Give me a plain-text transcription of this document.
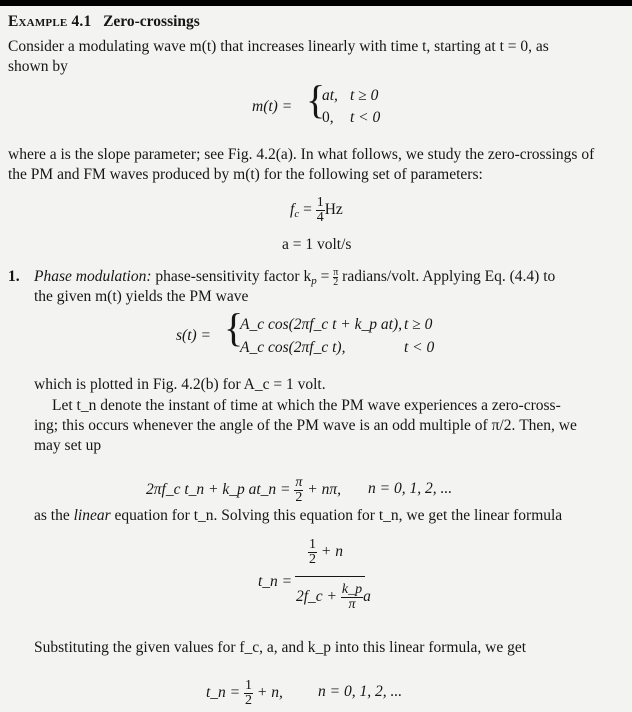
Example 4.1 Zero-crossings
Consider a modulating wave m(t) that increases linearly with time t, starting at t = 0, as
shown by
m(t) = {
at, t ≥ 0
0, t < 0
where a is the slope parameter; see Fig. 4.2(a). In what follows, we study the zero-crossings of
the PM and FM waves produced by m(t) for the following set of parameters:
$f_c = \frac{1}{4}$ Hz
a = 1 volt/s
1. Phase modulation: phase-sensitivity factor $k_p = \frac{\pi}{2}$ radians/volt. Applying Eq. (4.4) to
the given m(t) yields the PM wave
s(t) = {
A_c cos(2πf_c t + k_p at), t ≥ 0
A_c cos(2πf_c t),	t < 0
which is plotted in Fig. 4.2(b) for A_c = 1 volt.
Let t_n denote the instant of time at which the PM wave experiences a zero-cross-
ing; this occurs whenever the angle of the PM wave is an odd multiple of π/2. Then, we
may set up
2πf_c t_n + k_p at_n = $\frac{\pi}{2} + n\pi$, n = 0, 1, 2, ...
as the linear equation for t_n. Solving this equation for t_n, we get the linear formula
t_n =
$\frac{1}{2} + n$
2f_c + $\frac{k\_p}{\pi}$ a
Substituting the given values for f_c, a, and k_p into this linear formula, we get
t_n = $\frac{1}{2} + n$, n = 0, 1, 2, ...
